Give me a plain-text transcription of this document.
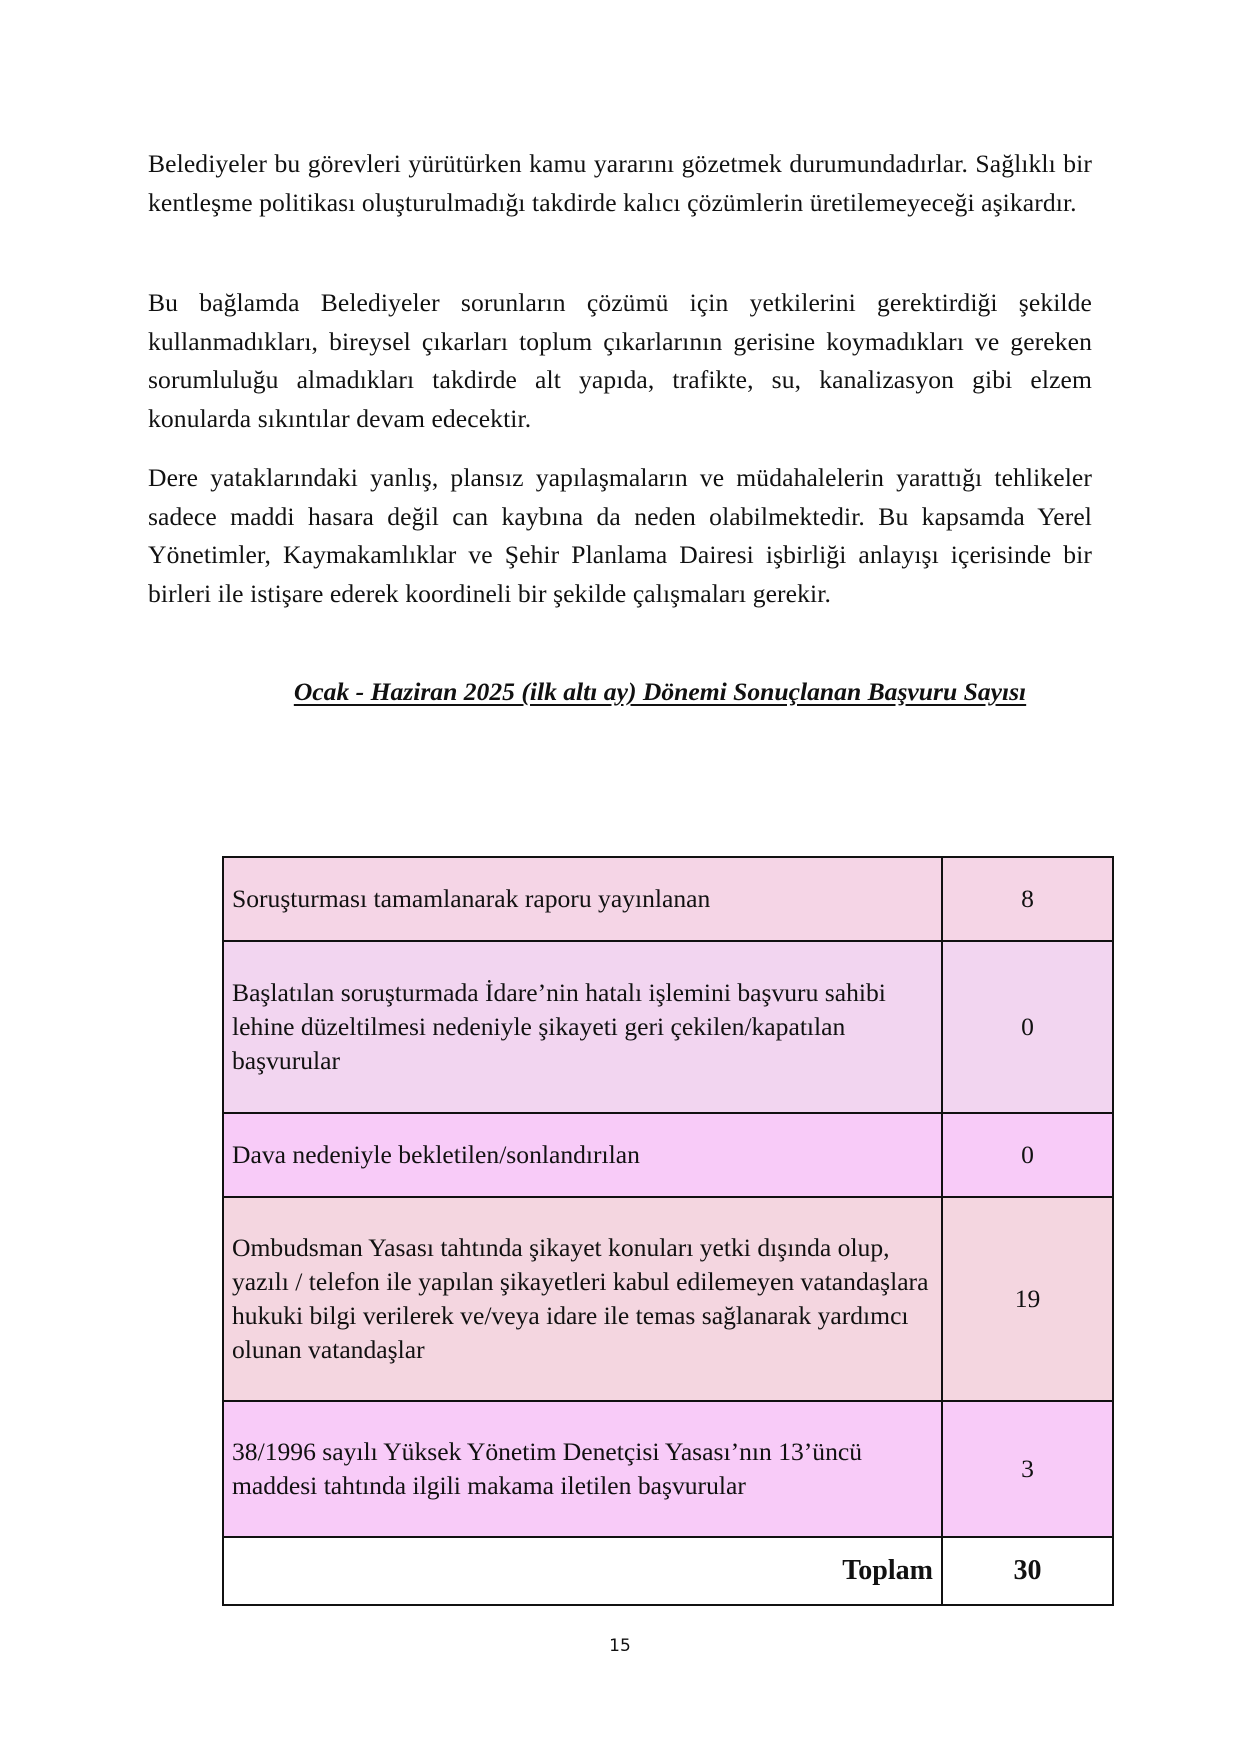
Belediyeler bu görevleri yürütürken kamu yararını gözetmek durumundadırlar. Sağlıklı bir kentleşme politikası oluşturulmadığı takdirde kalıcı çözümlerin üretilemeyeceği aşikardır.

Bu bağlamda Belediyeler sorunların çözümü için yetkilerini gerektirdiği şekilde kullanmadıkları, bireysel çıkarları toplum çıkarlarının gerisine koymadıkları ve gereken sorumluluğu almadıkları takdirde alt yapıda, trafikte, su, kanalizasyon gibi elzem konularda sıkıntılar devam edecektir.

Dere yataklarındaki yanlış, plansız yapılaşmaların ve müdahalelerin yarattığı tehlikeler sadece maddi hasara değil can kaybına da neden olabilmektedir. Bu kapsamda Yerel Yönetimler, Kaymakamlıklar ve Şehir Planlama Dairesi işbirliği anlayışı içerisinde bir birleri ile istişare ederek koordineli bir şekilde çalışmaları gerekir.

Ocak - Haziran 2025 (ilk altı ay) Dönemi Sonuçlanan Başvuru Sayısı

Soruşturması tamamlanarak raporu yayınlanan	8
Başlatılan soruşturmada İdare’nin hatalı işlemini başvuru sahibi lehine düzeltilmesi nedeniyle şikayeti geri çekilen/kapatılan başvurular	0
Dava nedeniyle bekletilen/sonlandırılan	0
Ombudsman Yasası tahtında şikayet konuları yetki dışında olup, yazılı / telefon ile yapılan şikayetleri kabul edilemeyen vatandaşlara hukuki bilgi verilerek ve/veya idare ile temas sağlanarak yardımcı olunan vatandaşlar	19
38/1996 sayılı Yüksek Yönetim Denetçisi Yasası’nın 13’üncü maddesi tahtında ilgili makama iletilen başvurular	3
Toplam	30

15
